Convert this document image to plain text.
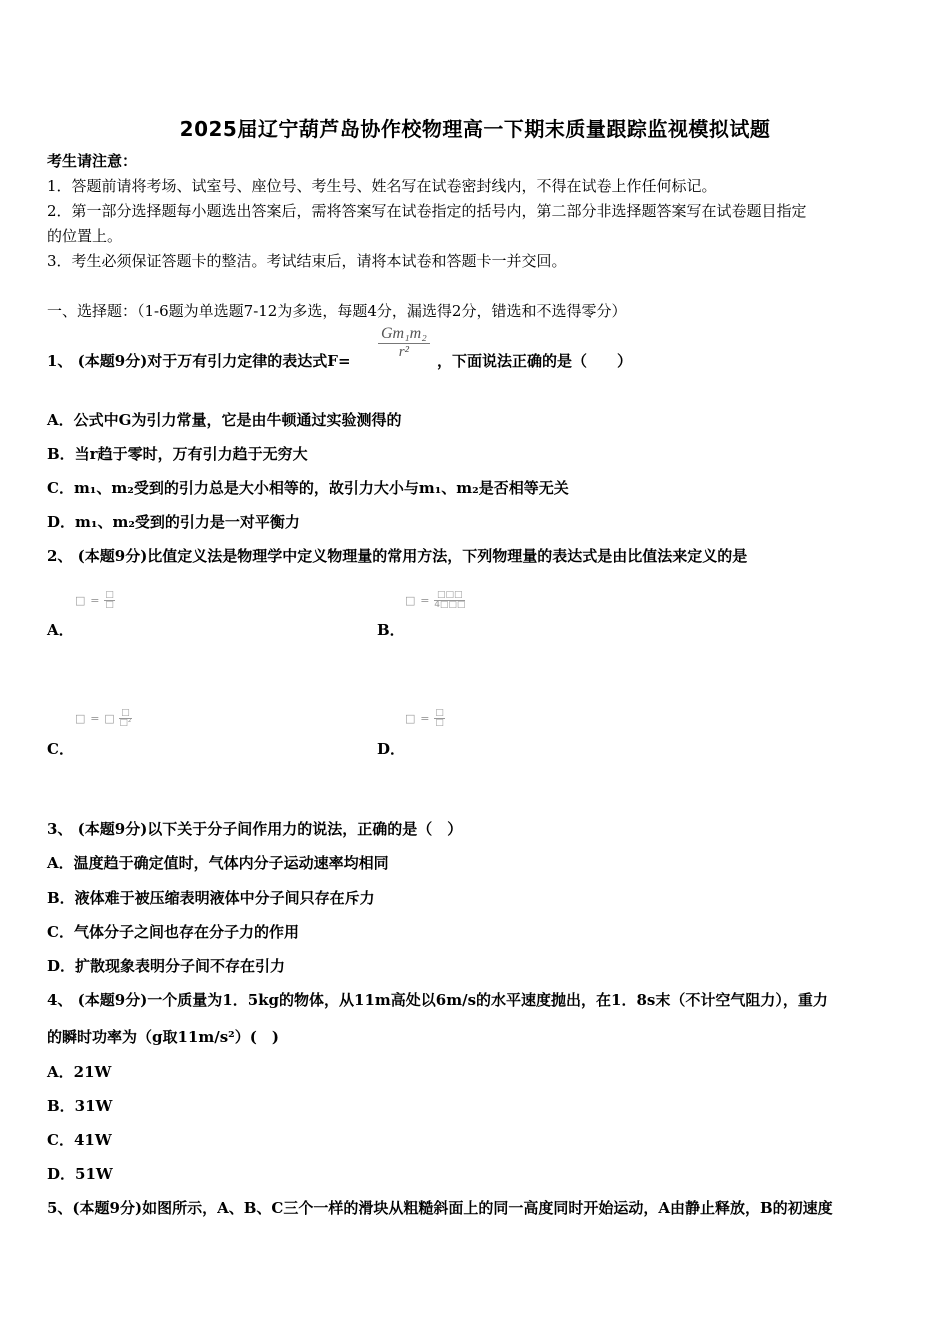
2025届辽宁葫芦岛协作校物理高一下期末质量跟踪监视模拟试题
考生请注意：
1．答题前请将考场、试室号、座位号、考生号、姓名写在试卷密封线内，不得在试卷上作任何标记。
2．第一部分选择题每小题选出答案后，需将答案写在试卷指定的括号内，第二部分非选择题答案写在试卷题目指定
的位置上。
3．考生必须保证答题卡的整洁。考试结束后，请将本试卷和答题卡一并交回。
一、选择题：（1-6题为单选题7-12为多选，每题4分，漏选得2分，错选和不选得零分）
1、 (本题9分)对于万有引力定律的表达式F=
$\frac{\text{Gm₁m₂}}{\text{r²}}$
，下面说法正确的是（　　）
A．公式中G为引力常量，它是由牛顿通过实验测得的
B．当r趋于零时，万有引力趋于无穷大
C．m₁、m₂受到的引力总是大小相等的，故引力大小与m₁、m₂是否相等无关
D．m₁、m₂受到的引力是一对平衡力
2、 (本题9分)比值定义法是物理学中定义物理量的常用方法，下列物理量的表达式是由比值法来定义的是
□ = □
□
A．
□ = □□□
4□□□
B．
□ = □ □
□²
C．
□ = □
□
D．
3、 (本题9分)以下关于分子间作用力的说法，正确的是（　）
A．温度趋于确定值时，气体内分子运动速率均相同
B．液体难于被压缩表明液体中分子间只存在斥力
C．气体分子之间也存在分子力的作用
D．扩散现象表明分子间不存在引力
4、 (本题9分)一个质量为1．5kg的物体，从11m高处以6m/s的水平速度抛出，在1．8s末（不计空气阻力），重力
的瞬时功率为（g取11m/s²）(　)
A．21W
B．31W
C．41W
D．51W
5、(本题9分)如图所示，A、B、C三个一样的滑块从粗糙斜面上的同一高度同时开始运动，A由静止释放，B的初速度
